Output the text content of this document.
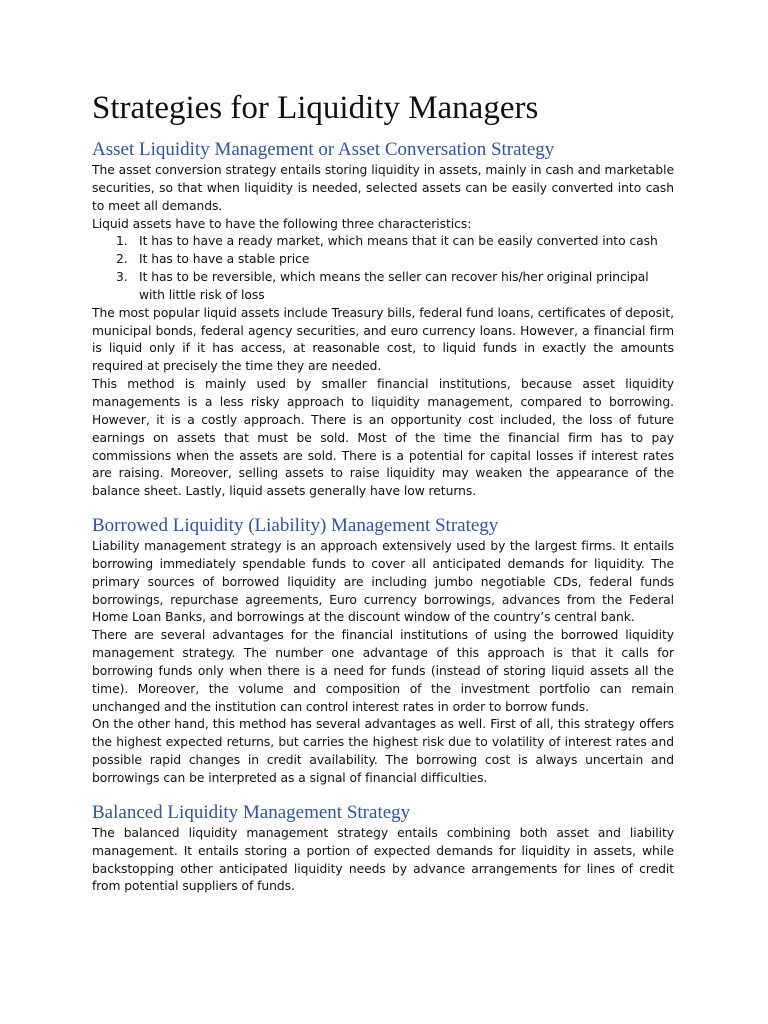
Strategies for Liquidity Managers
Asset Liquidity Management or Asset Conversation Strategy

The asset conversion strategy entails storing liquidity in assets, mainly in cash and marketable securities, so that when liquidity is needed, selected assets can be easily converted into cash to meet all demands.

Liquid assets have to have the following three characteristics:

1. It has to have a ready market, which means that it can be easily converted into cash
2. It has to have a stable price
3. It has to be reversible, which means the seller can recover his/her original principal with little risk of loss

The most popular liquid assets include Treasury bills, federal fund loans, certificates of deposit, municipal bonds, federal agency securities, and euro currency loans. However, a financial firm is liquid only if it has access, at reasonable cost, to liquid funds in exactly the amounts required at precisely the time they are needed.

This method is mainly used by smaller financial institutions, because asset liquidity managements is a less risky approach to liquidity management, compared to borrowing. However, it is a costly approach. There is an opportunity cost included, the loss of future earnings on assets that must be sold. Most of the time the financial firm has to pay commissions when the assets are sold. There is a potential for capital losses if interest rates are raising. Moreover, selling assets to raise liquidity may weaken the appearance of the balance sheet. Lastly, liquid assets generally have low returns.

Borrowed Liquidity (Liability) Management Strategy

Liability management strategy is an approach extensively used by the largest firms. It entails borrowing immediately spendable funds to cover all anticipated demands for liquidity. The primary sources of borrowed liquidity are including jumbo negotiable CDs, federal funds borrowings, repurchase agreements, Euro currency borrowings, advances from the Federal Home Loan Banks, and borrowings at the discount window of the country’s central bank.

There are several advantages for the financial institutions of using the borrowed liquidity management strategy. The number one advantage of this approach is that it calls for borrowing funds only when there is a need for funds (instead of storing liquid assets all the time). Moreover, the volume and composition of the investment portfolio can remain unchanged and the institution can control interest rates in order to borrow funds.

On the other hand, this method has several advantages as well. First of all, this strategy offers the highest expected returns, but carries the highest risk due to volatility of interest rates and possible rapid changes in credit availability. The borrowing cost is always uncertain and borrowings can be interpreted as a signal of financial difficulties.

Balanced Liquidity Management Strategy

The balanced liquidity management strategy entails combining both asset and liability management. It entails storing a portion of expected demands for liquidity in assets, while backstopping other anticipated liquidity needs by advance arrangements for lines of credit from potential suppliers of funds.
